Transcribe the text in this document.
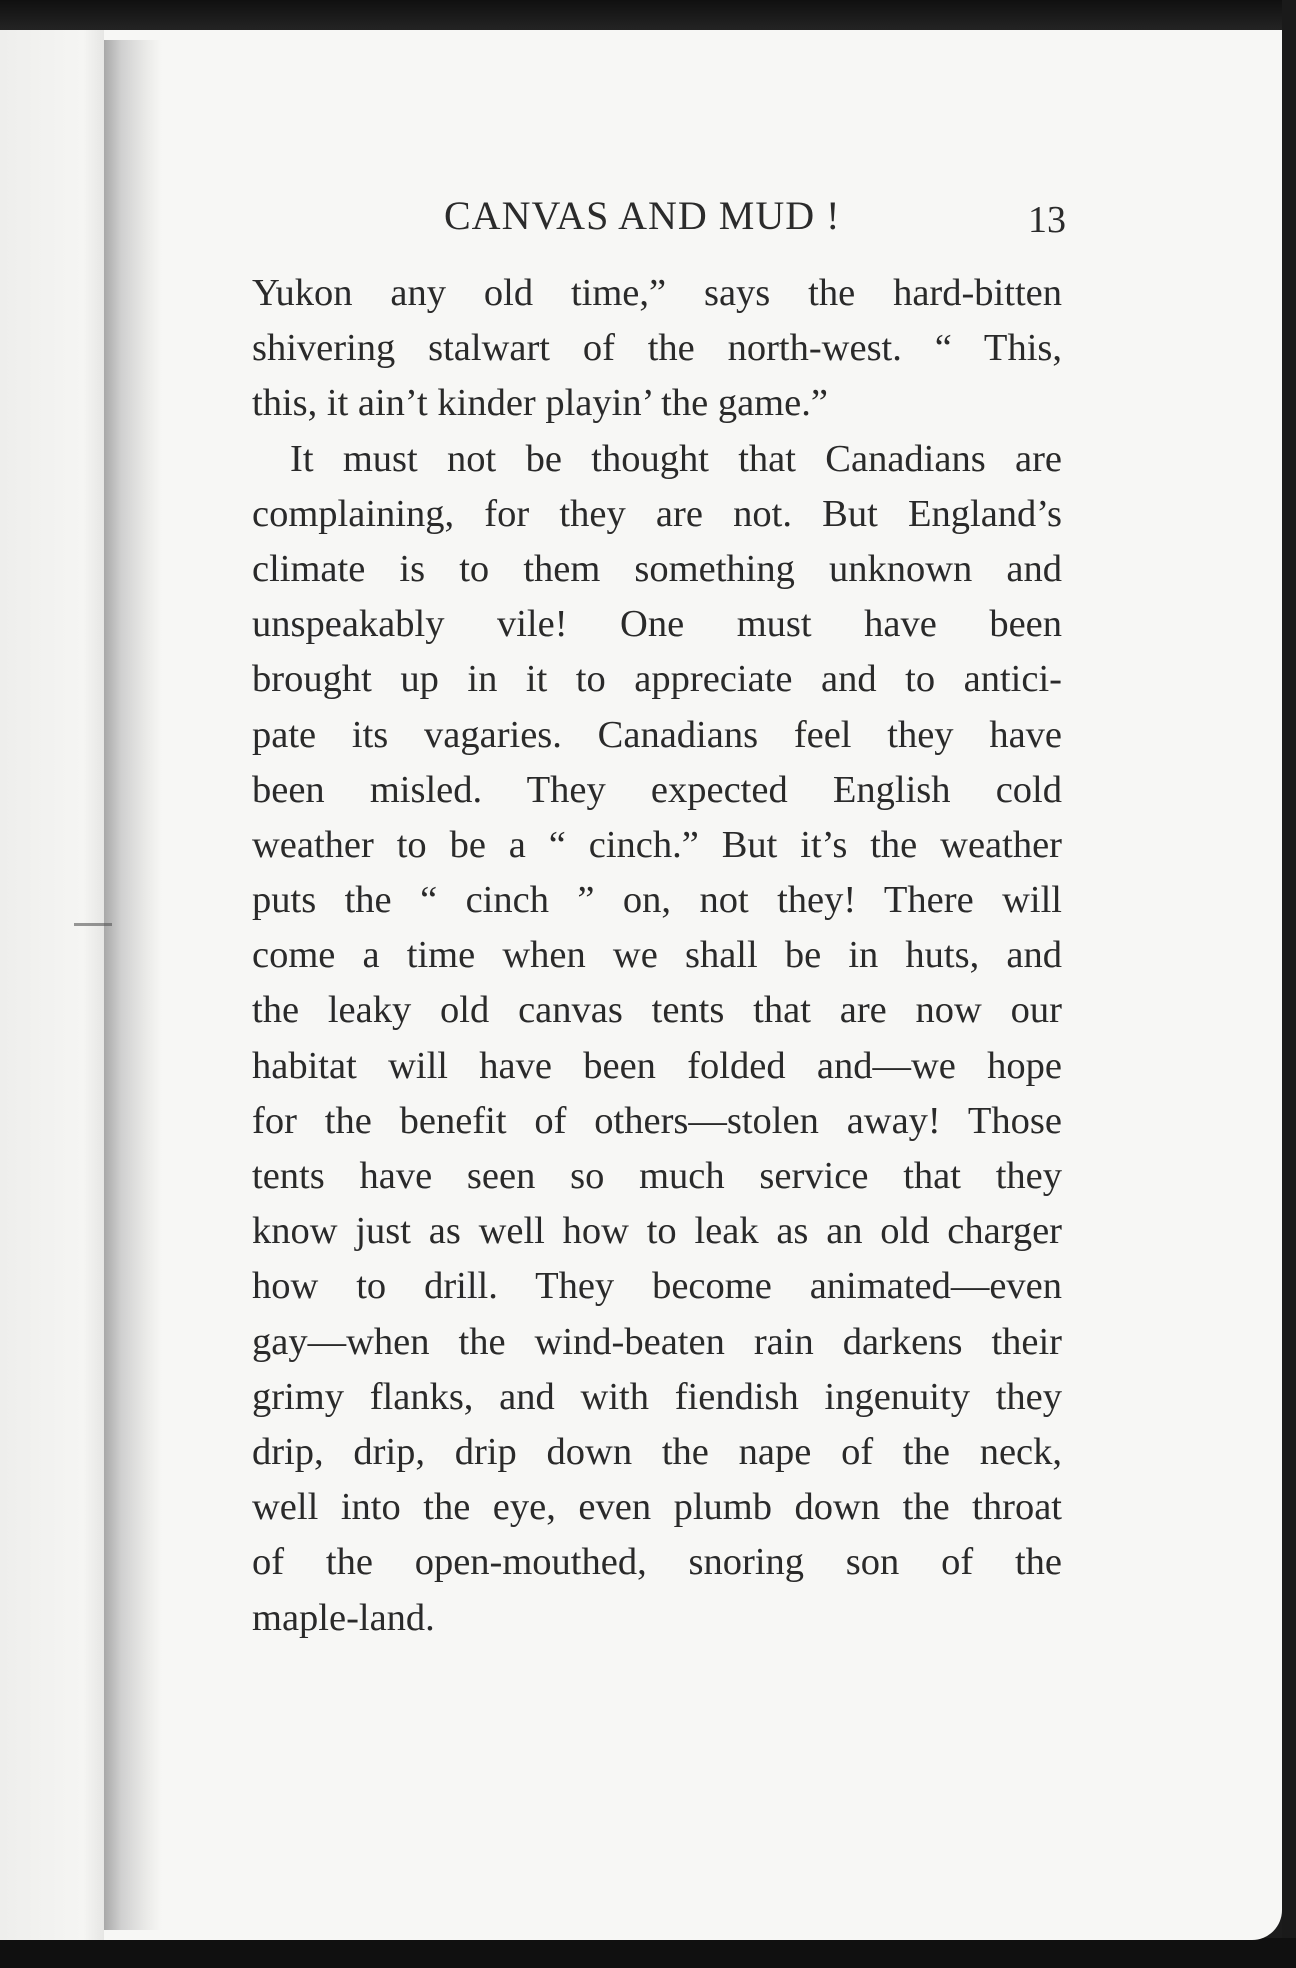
CANVAS AND MUD !	13
Yukon any old time,” says the hard-bitten
shivering stalwart of the north-west. “ This,
this, it ain’t kinder playin’ the game.”
It must not be thought that Canadians are
complaining, for they are not. But England’s
climate is to them something unknown and
unspeakably vile! One must have been
brought up in it to appreciate and to antici-
pate its vagaries. Canadians feel they have
been misled. They expected English cold
weather to be a “ cinch.” But it’s the weather
puts the “ cinch ” on, not they! There will
come a time when we shall be in huts, and
the leaky old canvas tents that are now our
habitat will have been folded and—we hope
for the benefit of others—stolen away! Those
tents have seen so much service that they
know just as well how to leak as an old charger
how to drill. They become animated—even
gay—when the wind-beaten rain darkens their
grimy flanks, and with fiendish ingenuity they
drip, drip, drip down the nape of the neck,
well into the eye, even plumb down the throat
of the open-mouthed, snoring son of the
maple-land.
